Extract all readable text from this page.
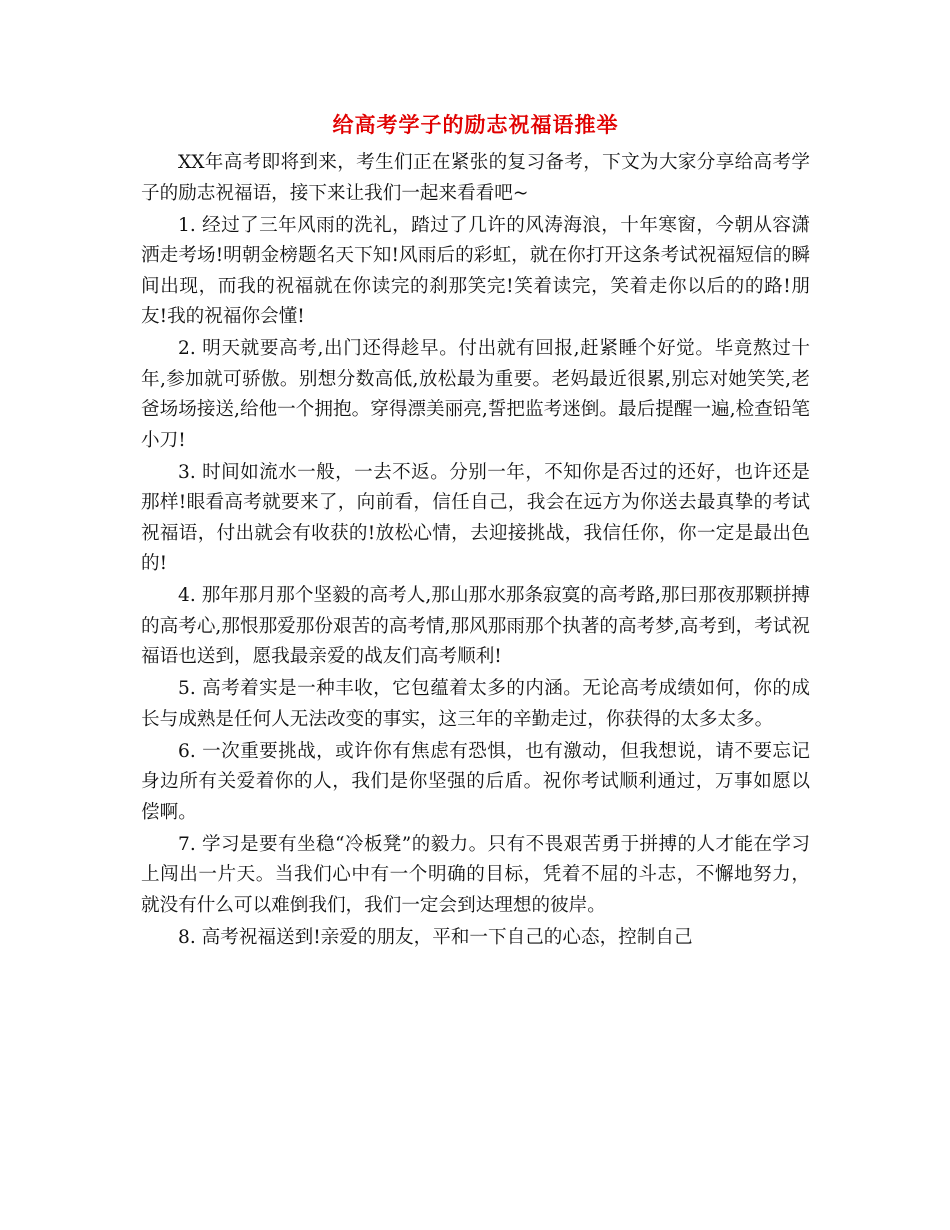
给高考学子的励志祝福语推举

XX年高考即将到来，考生们正在紧张的复习备考，下文为大家分享给高考学子的励志祝福语，接下来让我们一起来看看吧~

1. 经过了三年风雨的洗礼，踏过了几许的风涛海浪，十年寒窗，今朝从容潇洒走考场!明朝金榜题名天下知!风雨后的彩虹，就在你打开这条考试祝福短信的瞬间出现，而我的祝福就在你读完的刹那笑完!笑着读完，笑着走你以后的的路!朋友!我的祝福你会懂!

2. 明天就要高考,出门还得趁早。付出就有回报,赶紧睡个好觉。毕竟熬过十年,参加就可骄傲。别想分数高低,放松最为重要。老妈最近很累,别忘对她笑笑,老爸场场接送,给他一个拥抱。穿得漂美丽亮,誓把监考迷倒。最后提醒一遍,检查铅笔小刀!

3. 时间如流水一般，一去不返。分别一年，不知你是否过的还好，也许还是那样!眼看高考就要来了，向前看，信任自己，我会在远方为你送去最真挚的考试祝福语，付出就会有收获的!放松心情，去迎接挑战，我信任你，你一定是最出色的!

4. 那年那月那个坚毅的高考人,那山那水那条寂寞的高考路,那曰那夜那颗拼搏的高考心,那恨那爱那份艰苦的高考情,那风那雨那个执著的高考梦,高考到，考试祝福语也送到，愿我最亲爱的战友们高考顺利!

5. 高考着实是一种丰收，它包蕴着太多的内涵。无论高考成绩如何，你的成长与成熟是任何人无法改变的事实，这三年的辛勤走过，你获得的太多太多。

6. 一次重要挑战，或许你有焦虑有恐惧，也有激动，但我想说，请不要忘记身边所有关爱着你的人，我们是你坚强的后盾。祝你考试顺利通过，万事如愿以偿啊。

7. 学习是要有坐稳“冷板凳”的毅力。只有不畏艰苦勇于拼搏的人才能在学习上闯出一片天。当我们心中有一个明确的目标，凭着不屈的斗志，不懈地努力，就没有什么可以难倒我们，我们一定会到达理想的彼岸。

8. 高考祝福送到!亲爱的朋友，平和一下自己的心态，控制自己
